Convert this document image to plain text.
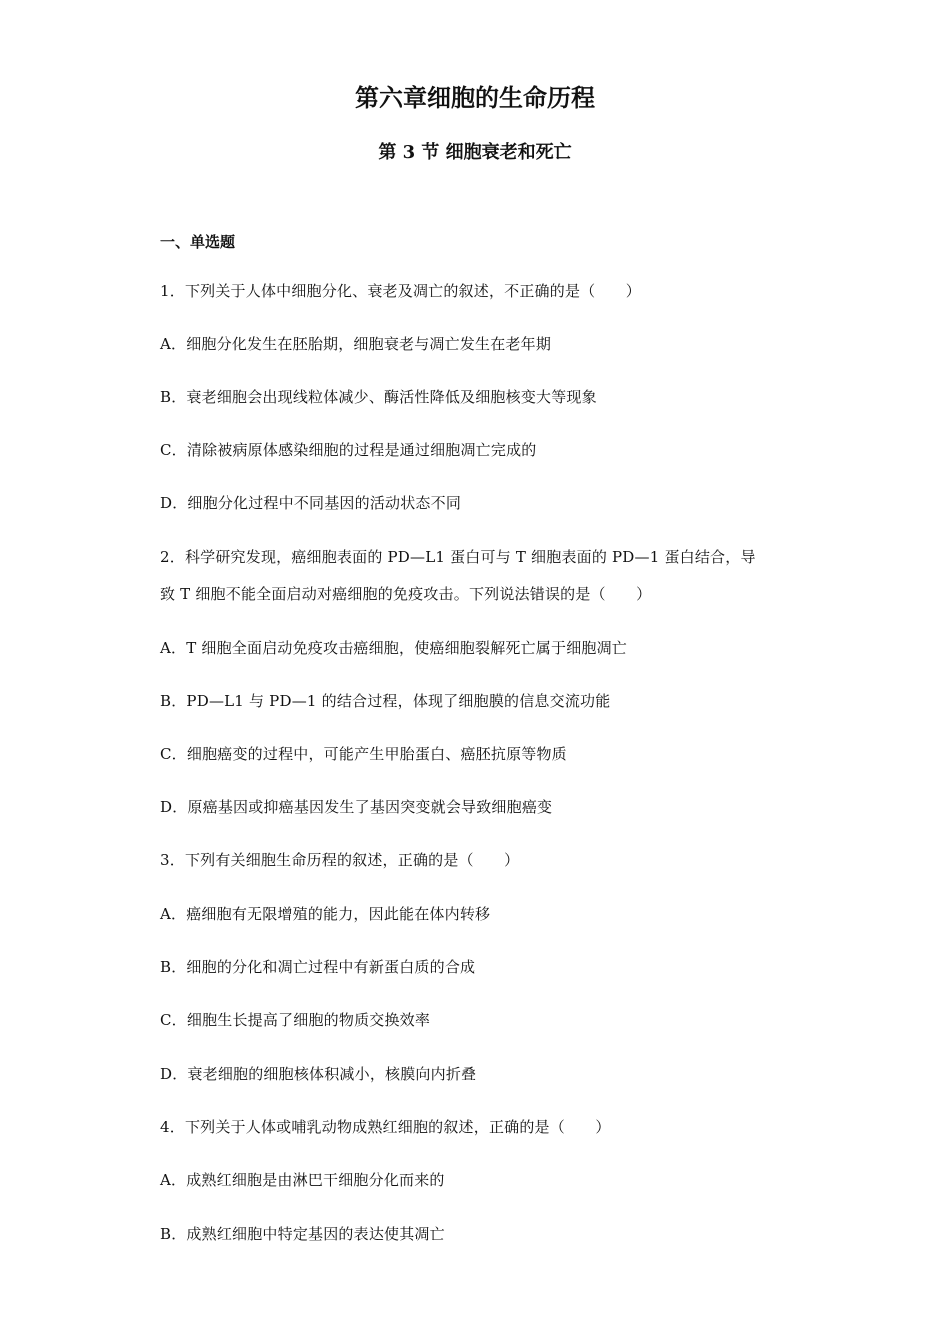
第六章细胞的生命历程
第 3 节 细胞衰老和死亡
一、单选题
1．下列关于人体中细胞分化、衰老及凋亡的叙述，不正确的是（　　）
A．细胞分化发生在胚胎期，细胞衰老与凋亡发生在老年期
B．衰老细胞会出现线粒体减少、酶活性降低及细胞核变大等现象
C．清除被病原体感染细胞的过程是通过细胞凋亡完成的
D．细胞分化过程中不同基因的活动状态不同
2．科学研究发现，癌细胞表面的 PD—L1 蛋白可与 T 细胞表面的 PD—1 蛋白结合，导
致 T 细胞不能全面启动对癌细胞的免疫攻击。下列说法错误的是（　　）
A．T 细胞全面启动免疫攻击癌细胞，使癌细胞裂解死亡属于细胞凋亡
B．PD—L1 与 PD—1 的结合过程，体现了细胞膜的信息交流功能
C．细胞癌变的过程中，可能产生甲胎蛋白、癌胚抗原等物质
D．原癌基因或抑癌基因发生了基因突变就会导致细胞癌变
3．下列有关细胞生命历程的叙述，正确的是（　　）
A．癌细胞有无限增殖的能力，因此能在体内转移
B．细胞的分化和凋亡过程中有新蛋白质的合成
C．细胞生长提高了细胞的物质交换效率
D．衰老细胞的细胞核体积减小，核膜向内折叠
4．下列关于人体或哺乳动物成熟红细胞的叙述，正确的是（　　）
A．成熟红细胞是由淋巴干细胞分化而来的
B．成熟红细胞中特定基因的表达使其凋亡
